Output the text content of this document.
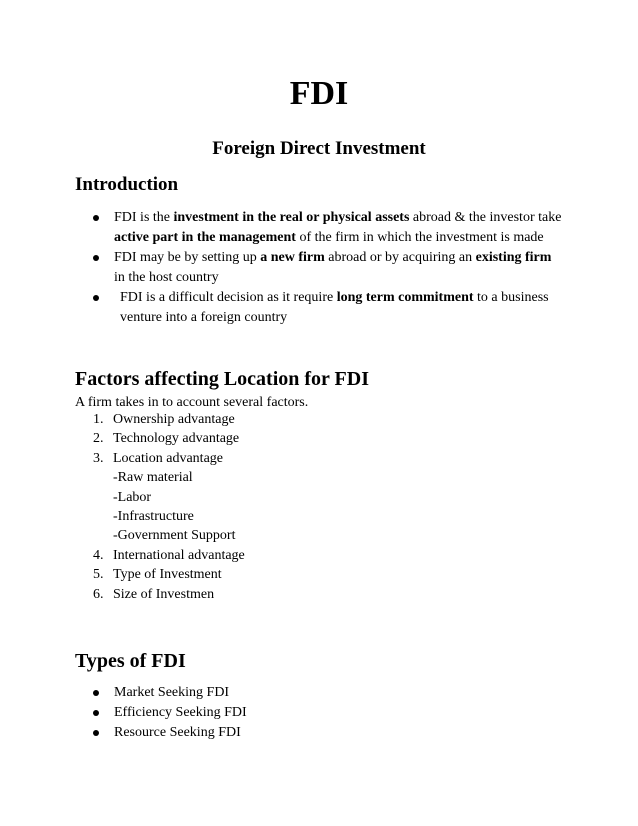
FDI
Foreign Direct Investment
Introduction
FDI is the investment in the real or physical assets abroad & the investor take active part in the management of the firm in which the investment is made
FDI may be by setting up a new firm abroad or by acquiring an existing firm in the host country
FDI is a difficult decision as it require long term commitment to a business venture into a foreign country
Factors affecting Location for FDI
A firm takes in to account several factors.
1. Ownership advantage
2. Technology advantage
3. Location advantage
-Raw material
-Labor
-Infrastructure
-Government Support
4. International advantage
5. Type of Investment
6. Size of Investmen
Types of FDI
Market Seeking FDI
Efficiency Seeking FDI
Resource Seeking FDI
